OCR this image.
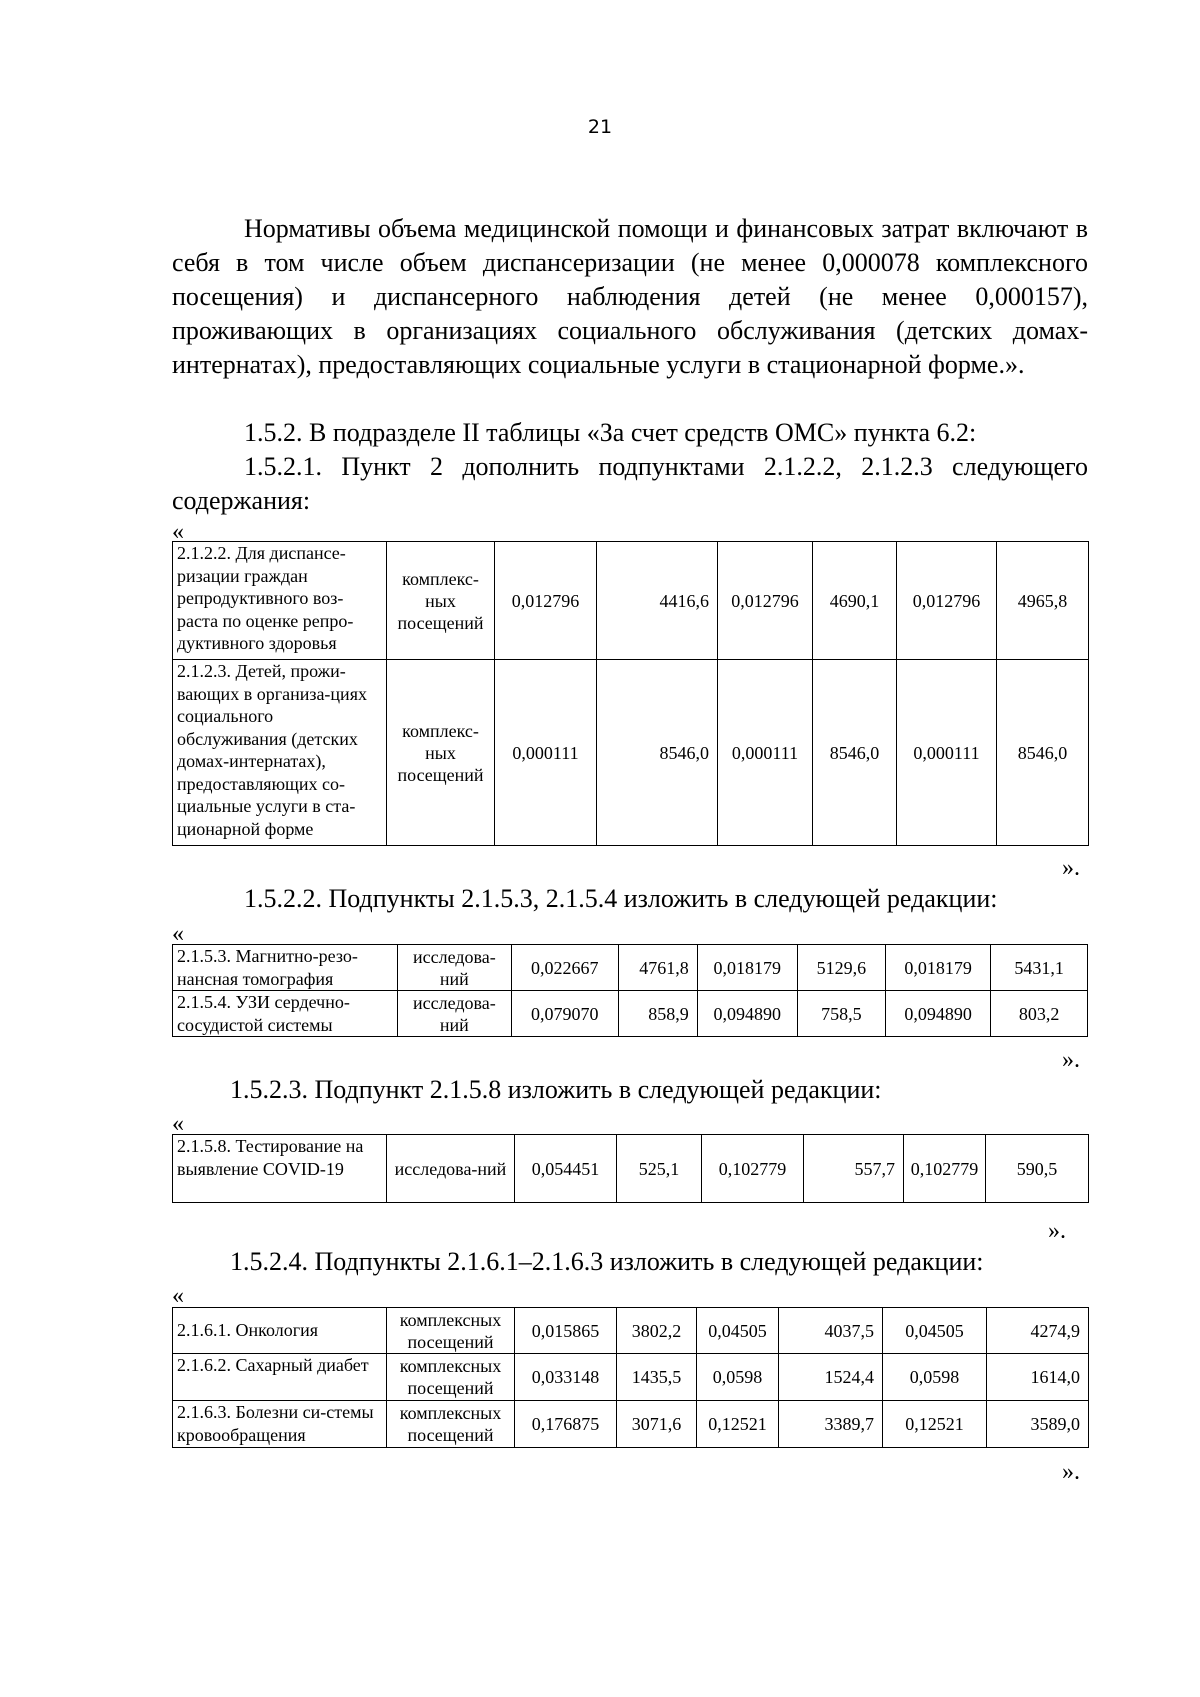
21

Нормативы объема медицинской помощи и финансовых затрат включают в себя в том числе объем диспансеризации (не менее 0,000078 комплексного посещения) и диспансерного наблюдения детей (не менее 0,000157), проживающих в организациях социального обслуживания (детских домах-интернатах), предоставляющих социальные услуги в стационарной форме.».

1.5.2. В подразделе II таблицы «За счет средств ОМС» пункта 6.2:

1.5.2.1. Пункт 2 дополнить подпунктами 2.1.2.2, 2.1.2.3 следующего

содержания:

«
2.1.2.2. Для диспансе-ризации граждан репродуктивного воз-раста по оценке репро-дуктивного здоровья	комплекс-ных посещений	0,012796	4416,6	0,012796	4690,1	0,012796	4965,8
2.1.2.3. Детей, прожи-вающих в организа-циях социального обслуживания (детских домах-интернатах), предоставляющих со-циальные услуги в ста-ционарной форме	комплекс-ных посещений	0,000111	8546,0	0,000111	8546,0	0,000111	8546,0
».

1.5.2.2. Подпункты 2.1.5.3, 2.1.5.4 изложить в следующей редакции:

«
2.1.5.3. Магнитно-резо-нансная томография	исследова-ний	0,022667	4761,8	0,018179	5129,6	0,018179	5431,1
2.1.5.4. УЗИ сердечно-сосудистой системы	исследова-ний	0,079070	858,9	0,094890	758,5	0,094890	803,2
».

1.5.2.3. Подпункт 2.1.5.8 изложить в следующей редакции:

«
2.1.5.8. Тестирование на выявление COVID-19	исследова-ний	0,054451	525,1	0,102779	557,7	0,102779	590,5
».

1.5.2.4. Подпункты 2.1.6.1–2.1.6.3 изложить в следующей редакции:

«
2.1.6.1. Онкология	комплексных посещений	0,015865	3802,2	0,04505	4037,5	0,04505	4274,9
2.1.6.2. Сахарный диабет	комплексных посещений	0,033148	1435,5	0,0598	1524,4	0,0598	1614,0
2.1.6.3. Болезни си-стемы кровообращения	комплексных посещений	0,176875	3071,6	0,12521	3389,7	0,12521	3589,0
».
